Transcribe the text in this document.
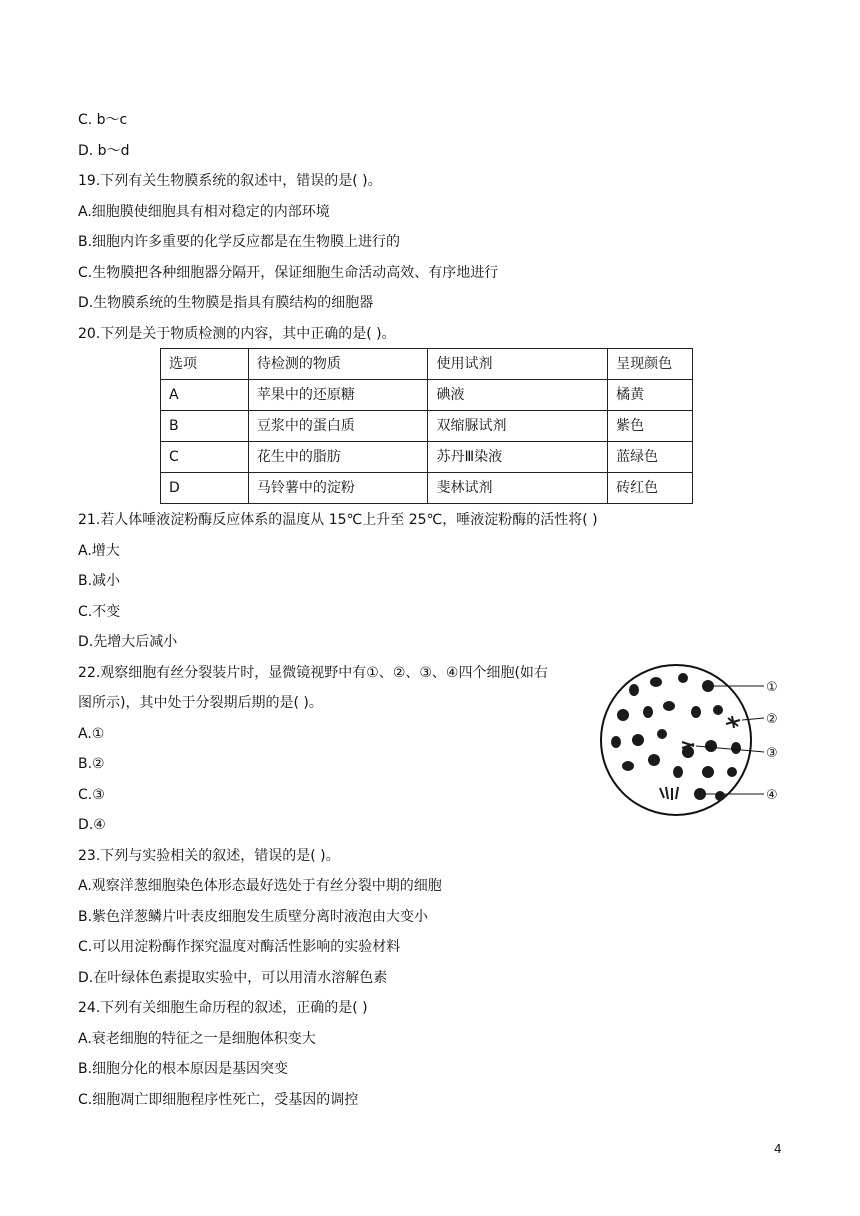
C. b～c
D. b～d
19.下列有关生物膜系统的叙述中，错误的是( )。
A.细胞膜使细胞具有相对稳定的内部环境
B.细胞内许多重要的化学反应都是在生物膜上进行的
C.生物膜把各种细胞器分隔开，保证细胞生命活动高效、有序地进行
D.生物膜系统的生物膜是指具有膜结构的细胞器
20.下列是关于物质检测的内容，其中正确的是( )。
选项	待检测的物质	使用试剂	呈现颜色
A	苹果中的还原糖	碘液	橘黄
B	豆浆中的蛋白质	双缩脲试剂	紫色
C	花生中的脂肪	苏丹Ⅲ染液	蓝绿色
D	马铃薯中的淀粉	斐林试剂	砖红色
21.若人体唾液淀粉酶反应体系的温度从 15℃上升至 25℃，唾液淀粉酶的活性将( )
A.增大
B.减小
C.不变
D.先增大后减小
22.观察细胞有丝分裂装片时，显微镜视野中有①、②、③、④四个细胞(如右
图所示)，其中处于分裂期后期的是( )。
A.①
B.②
C.③
D.④
23.下列与实验相关的叙述，错误的是( )。
A.观察洋葱细胞染色体形态最好选处于有丝分裂中期的细胞
B.紫色洋葱鳞片叶表皮细胞发生质壁分离时液泡由大变小
C.可以用淀粉酶作探究温度对酶活性影响的实验材料
D.在叶绿体色素提取实验中，可以用清水溶解色素
24.下列有关细胞生命历程的叙述，正确的是( )
A.衰老细胞的特征之一是细胞体积变大
B.细胞分化的根本原因是基因突变
C.细胞凋亡即细胞程序性死亡，受基因的调控
①
②
③
④
4
